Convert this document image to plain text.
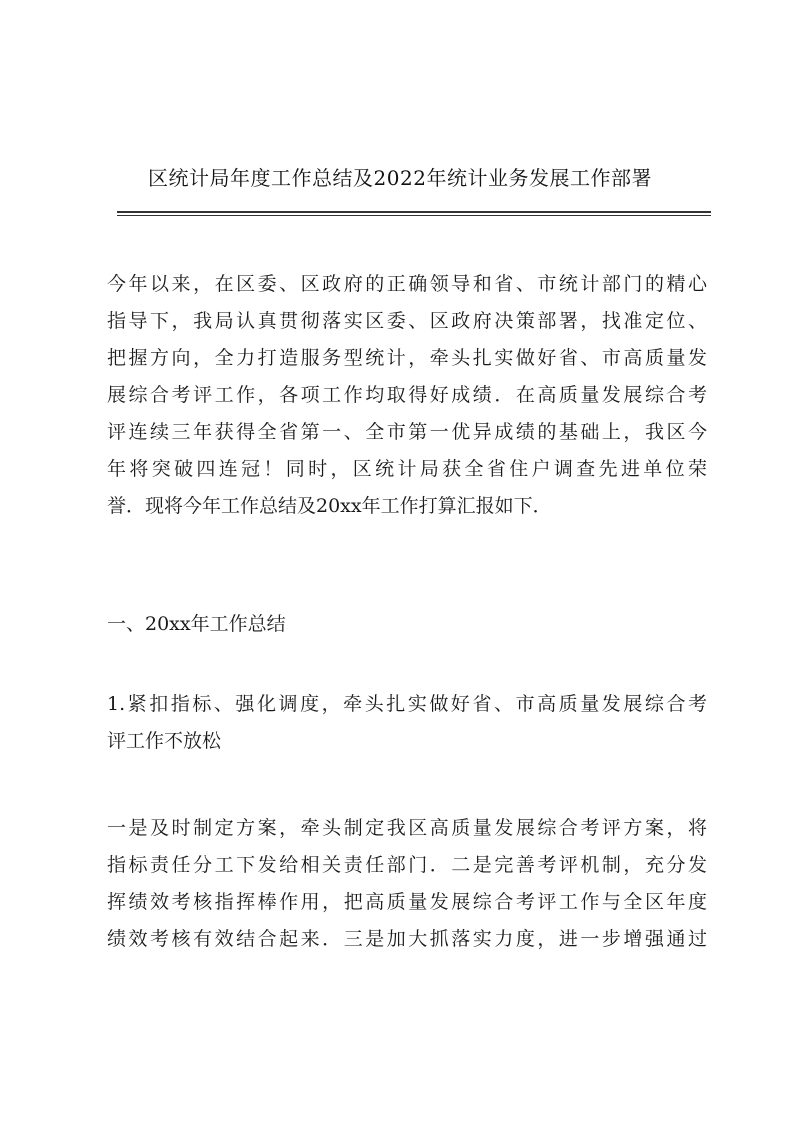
区统计局年度工作总结及2022年统计业务发展工作部署
今年以来，在区委、区政府的正确领导和省、市统计部门的精心
指导下，我局认真贯彻落实区委、区政府决策部署，找准定位、
把握方向，全力打造服务型统计，牵头扎实做好省、市高质量发
展综合考评工作，各项工作均取得好成绩．在高质量发展综合考
评连续三年获得全省第一、全市第一优异成绩的基础上，我区今
年将突破四连冠！同时，区统计局获全省住户调查先进单位荣
誉．现将今年工作总结及20xx年工作打算汇报如下．
一、20xx年工作总结
1.紧扣指标、强化调度，牵头扎实做好省、市高质量发展综合考
评工作不放松
一是及时制定方案，牵头制定我区高质量发展综合考评方案，将
指标责任分工下发给相关责任部门．二是完善考评机制，充分发
挥绩效考核指挥棒作用，把高质量发展综合考评工作与全区年度
绩效考核有效结合起来．三是加大抓落实力度，进一步增强通过
